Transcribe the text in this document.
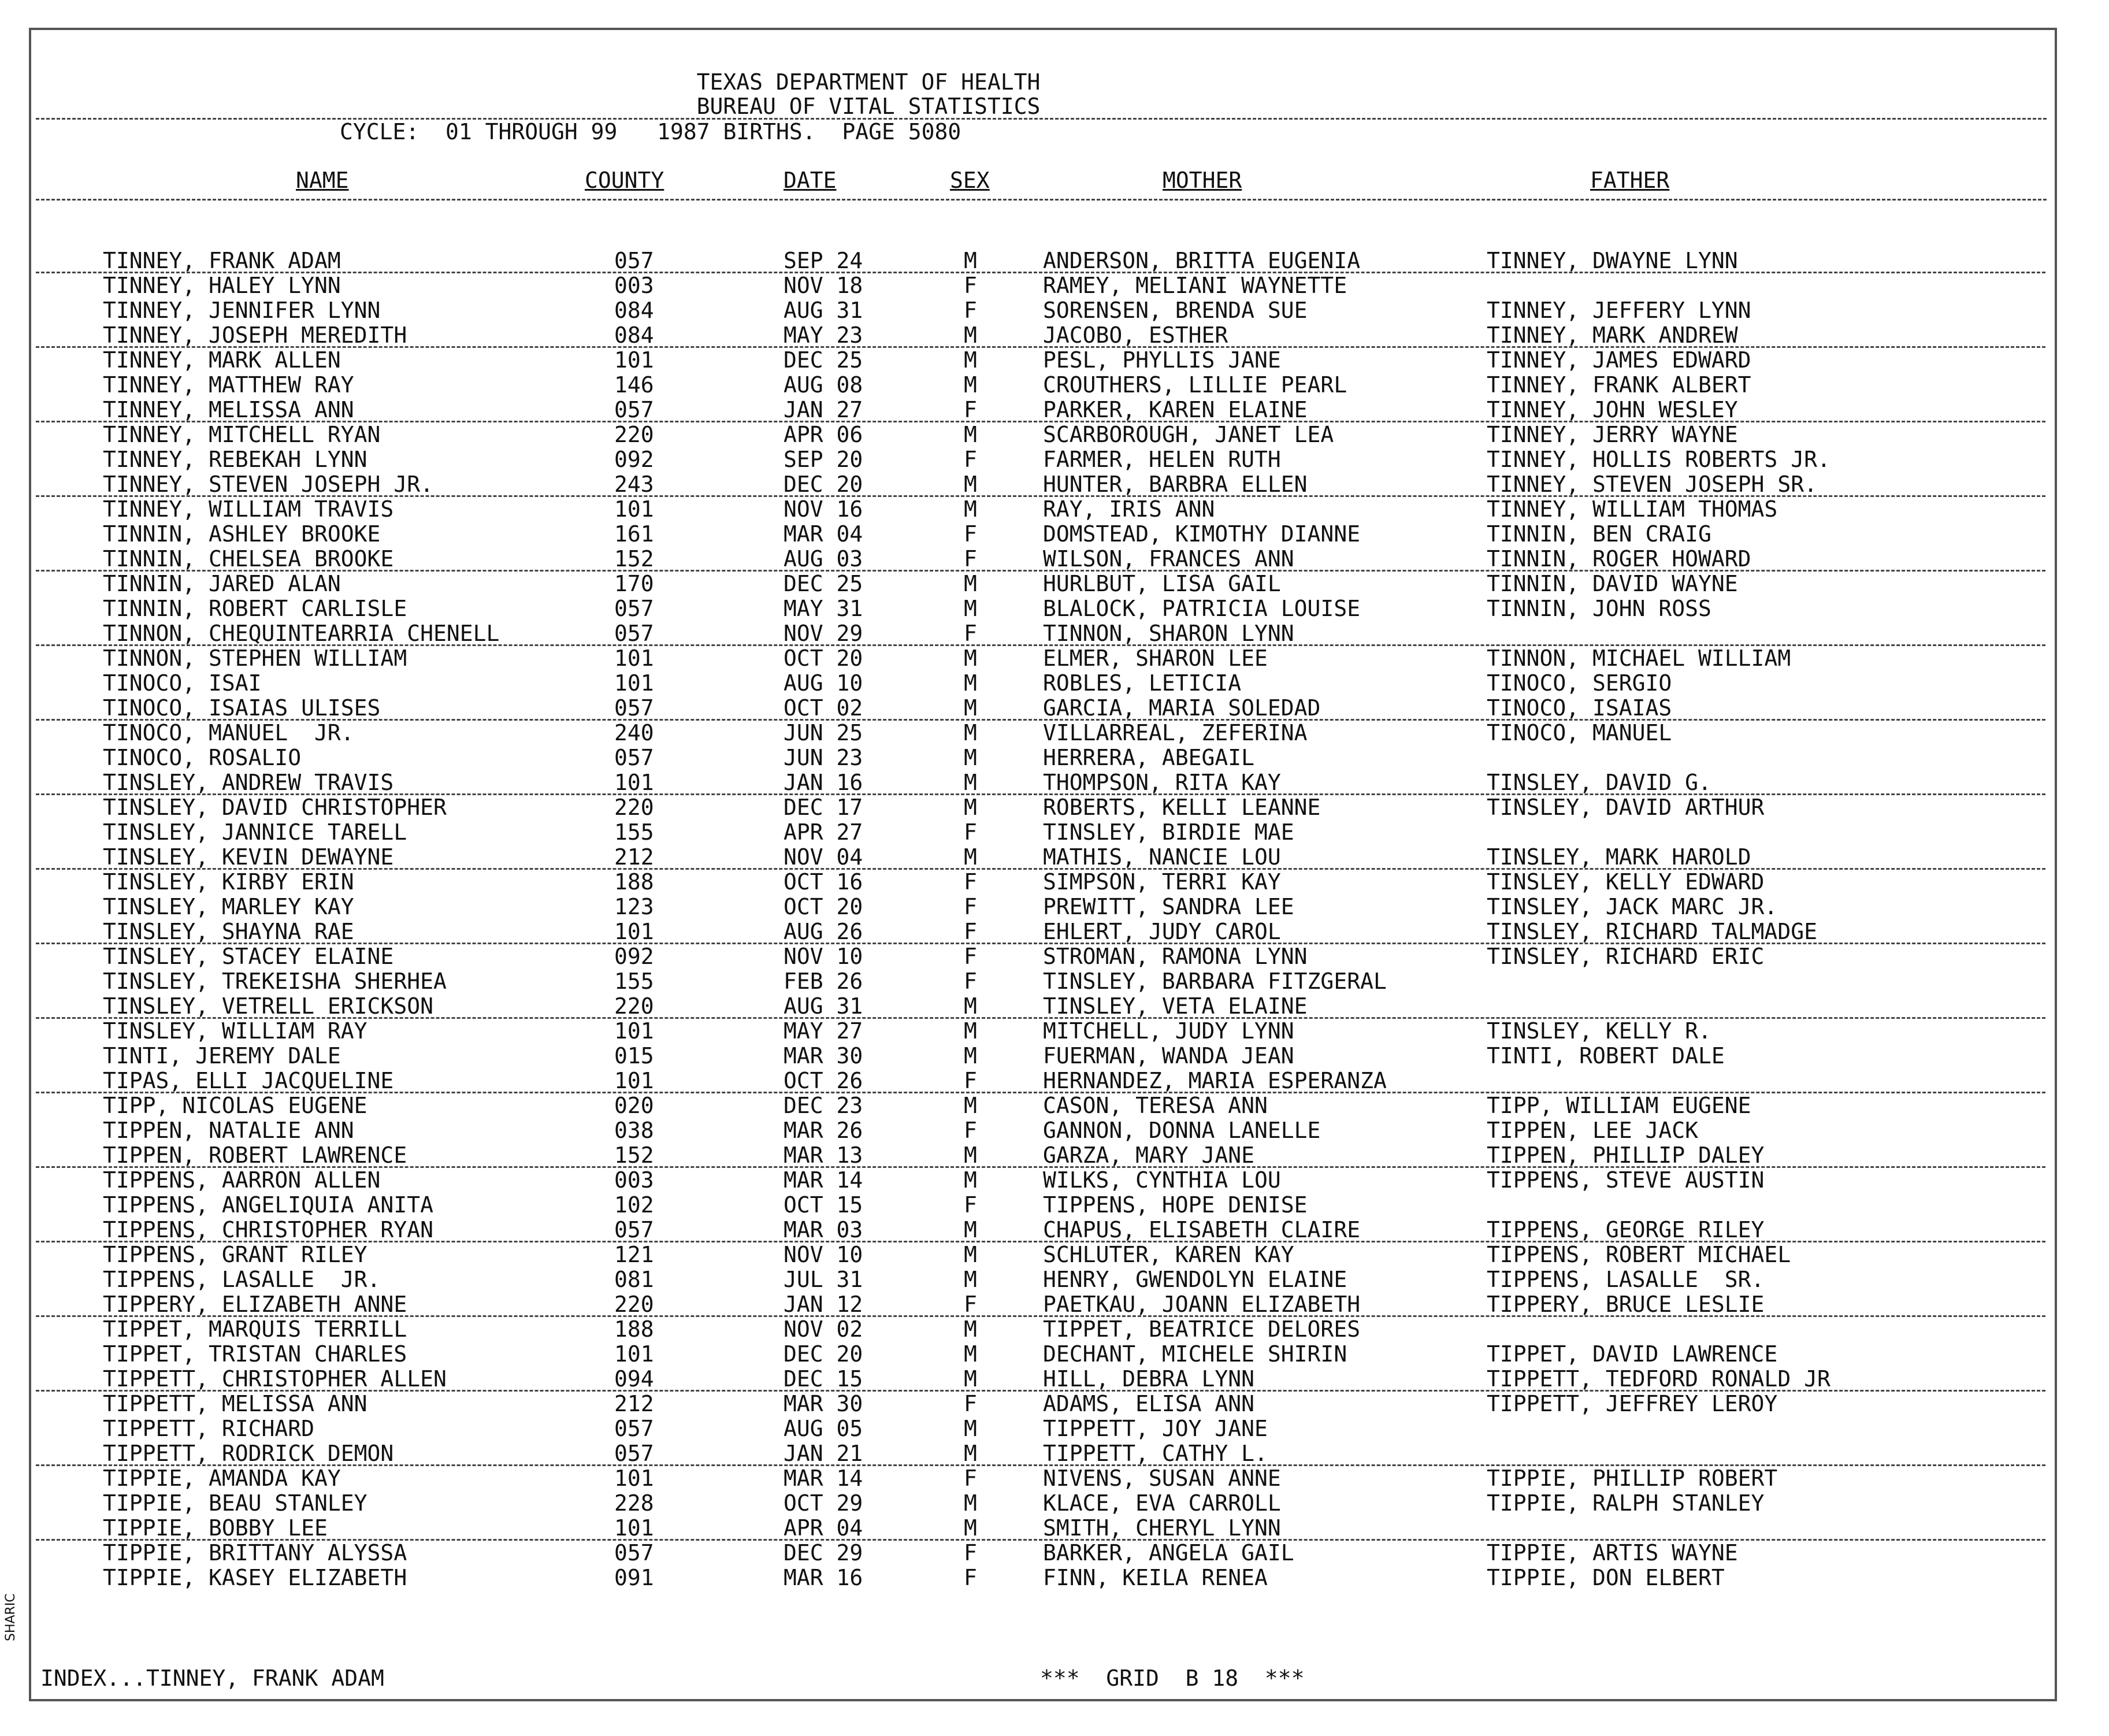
TEXAS DEPARTMENT OF HEALTH
BUREAU OF VITAL STATISTICS
CYCLE:  01 THROUGH 99   1987 BIRTHS.  PAGE 5080
NAME	COUNTY	DATE	SEX	MOTHER	FATHER
TINNEY, FRANK ADAM	057	SEP 24	M	ANDERSON, BRITTA EUGENIA	TINNEY, DWAYNE LYNN
TINNEY, HALEY LYNN	003	NOV 18	F	RAMEY, MELIANI WAYNETTE
TINNEY, JENNIFER LYNN	084	AUG 31	F	SORENSEN, BRENDA SUE	TINNEY, JEFFERY LYNN
TINNEY, JOSEPH MEREDITH	084	MAY 23	M	JACOBO, ESTHER	TINNEY, MARK ANDREW
TINNEY, MARK ALLEN	101	DEC 25	M	PESL, PHYLLIS JANE	TINNEY, JAMES EDWARD
TINNEY, MATTHEW RAY	146	AUG 08	M	CROUTHERS, LILLIE PEARL	TINNEY, FRANK ALBERT
TINNEY, MELISSA ANN	057	JAN 27	F	PARKER, KAREN ELAINE	TINNEY, JOHN WESLEY
TINNEY, MITCHELL RYAN	220	APR 06	M	SCARBOROUGH, JANET LEA	TINNEY, JERRY WAYNE
TINNEY, REBEKAH LYNN	092	SEP 20	F	FARMER, HELEN RUTH	TINNEY, HOLLIS ROBERTS JR.
TINNEY, STEVEN JOSEPH JR.	243	DEC 20	M	HUNTER, BARBRA ELLEN	TINNEY, STEVEN JOSEPH SR.
TINNEY, WILLIAM TRAVIS	101	NOV 16	M	RAY, IRIS ANN	TINNEY, WILLIAM THOMAS
TINNIN, ASHLEY BROOKE	161	MAR 04	F	DOMSTEAD, KIMOTHY DIANNE	TINNIN, BEN CRAIG
TINNIN, CHELSEA BROOKE	152	AUG 03	F	WILSON, FRANCES ANN	TINNIN, ROGER HOWARD
TINNIN, JARED ALAN	170	DEC 25	M	HURLBUT, LISA GAIL	TINNIN, DAVID WAYNE
TINNIN, ROBERT CARLISLE	057	MAY 31	M	BLALOCK, PATRICIA LOUISE	TINNIN, JOHN ROSS
TINNON, CHEQUINTEARRIA CHENELL	057	NOV 29	F	TINNON, SHARON LYNN
TINNON, STEPHEN WILLIAM	101	OCT 20	M	ELMER, SHARON LEE	TINNON, MICHAEL WILLIAM
TINOCO, ISAI	101	AUG 10	M	ROBLES, LETICIA	TINOCO, SERGIO
TINOCO, ISAIAS ULISES	057	OCT 02	M	GARCIA, MARIA SOLEDAD	TINOCO, ISAIAS
TINOCO, MANUEL  JR.	240	JUN 25	M	VILLARREAL, ZEFERINA	TINOCO, MANUEL
TINOCO, ROSALIO	057	JUN 23	M	HERRERA, ABEGAIL
TINSLEY, ANDREW TRAVIS	101	JAN 16	M	THOMPSON, RITA KAY	TINSLEY, DAVID G.
TINSLEY, DAVID CHRISTOPHER	220	DEC 17	M	ROBERTS, KELLI LEANNE	TINSLEY, DAVID ARTHUR
TINSLEY, JANNICE TARELL	155	APR 27	F	TINSLEY, BIRDIE MAE
TINSLEY, KEVIN DEWAYNE	212	NOV 04	M	MATHIS, NANCIE LOU	TINSLEY, MARK HAROLD
TINSLEY, KIRBY ERIN	188	OCT 16	F	SIMPSON, TERRI KAY	TINSLEY, KELLY EDWARD
TINSLEY, MARLEY KAY	123	OCT 20	F	PREWITT, SANDRA LEE	TINSLEY, JACK MARC JR.
TINSLEY, SHAYNA RAE	101	AUG 26	F	EHLERT, JUDY CAROL	TINSLEY, RICHARD TALMADGE
TINSLEY, STACEY ELAINE	092	NOV 10	F	STROMAN, RAMONA LYNN	TINSLEY, RICHARD ERIC
TINSLEY, TREKEISHA SHERHEA	155	FEB 26	F	TINSLEY, BARBARA FITZGERAL
TINSLEY, VETRELL ERICKSON	220	AUG 31	M	TINSLEY, VETA ELAINE
TINSLEY, WILLIAM RAY	101	MAY 27	M	MITCHELL, JUDY LYNN	TINSLEY, KELLY R.
TINTI, JEREMY DALE	015	MAR 30	M	FUERMAN, WANDA JEAN	TINTI, ROBERT DALE
TIPAS, ELLI JACQUELINE	101	OCT 26	F	HERNANDEZ, MARIA ESPERANZA
TIPP, NICOLAS EUGENE	020	DEC 23	M	CASON, TERESA ANN	TIPP, WILLIAM EUGENE
TIPPEN, NATALIE ANN	038	MAR 26	F	GANNON, DONNA LANELLE	TIPPEN, LEE JACK
TIPPEN, ROBERT LAWRENCE	152	MAR 13	M	GARZA, MARY JANE	TIPPEN, PHILLIP DALEY
TIPPENS, AARRON ALLEN	003	MAR 14	M	WILKS, CYNTHIA LOU	TIPPENS, STEVE AUSTIN
TIPPENS, ANGELIQUIA ANITA	102	OCT 15	F	TIPPENS, HOPE DENISE
TIPPENS, CHRISTOPHER RYAN	057	MAR 03	M	CHAPUS, ELISABETH CLAIRE	TIPPENS, GEORGE RILEY
TIPPENS, GRANT RILEY	121	NOV 10	M	SCHLUTER, KAREN KAY	TIPPENS, ROBERT MICHAEL
TIPPENS, LASALLE  JR.	081	JUL 31	M	HENRY, GWENDOLYN ELAINE	TIPPENS, LASALLE  SR.
TIPPERY, ELIZABETH ANNE	220	JAN 12	F	PAETKAU, JOANN ELIZABETH	TIPPERY, BRUCE LESLIE
TIPPET, MARQUIS TERRILL	188	NOV 02	M	TIPPET, BEATRICE DELORES
TIPPET, TRISTAN CHARLES	101	DEC 20	M	DECHANT, MICHELE SHIRIN	TIPPET, DAVID LAWRENCE
TIPPETT, CHRISTOPHER ALLEN	094	DEC 15	M	HILL, DEBRA LYNN	TIPPETT, TEDFORD RONALD JR
TIPPETT, MELISSA ANN	212	MAR 30	F	ADAMS, ELISA ANN	TIPPETT, JEFFREY LEROY
TIPPETT, RICHARD	057	AUG 05	M	TIPPETT, JOY JANE
TIPPETT, RODRICK DEMON	057	JAN 21	M	TIPPETT, CATHY L.
TIPPIE, AMANDA KAY	101	MAR 14	F	NIVENS, SUSAN ANNE	TIPPIE, PHILLIP ROBERT
TIPPIE, BEAU STANLEY	228	OCT 29	M	KLACE, EVA CARROLL	TIPPIE, RALPH STANLEY
TIPPIE, BOBBY LEE	101	APR 04	M	SMITH, CHERYL LYNN
TIPPIE, BRITTANY ALYSSA	057	DEC 29	F	BARKER, ANGELA GAIL	TIPPIE, ARTIS WAYNE
TIPPIE, KASEY ELIZABETH	091	MAR 16	F	FINN, KEILA RENEA	TIPPIE, DON ELBERT
SHARIC
INDEX...TINNEY, FRANK ADAM	***  GRID  B 18  ***
